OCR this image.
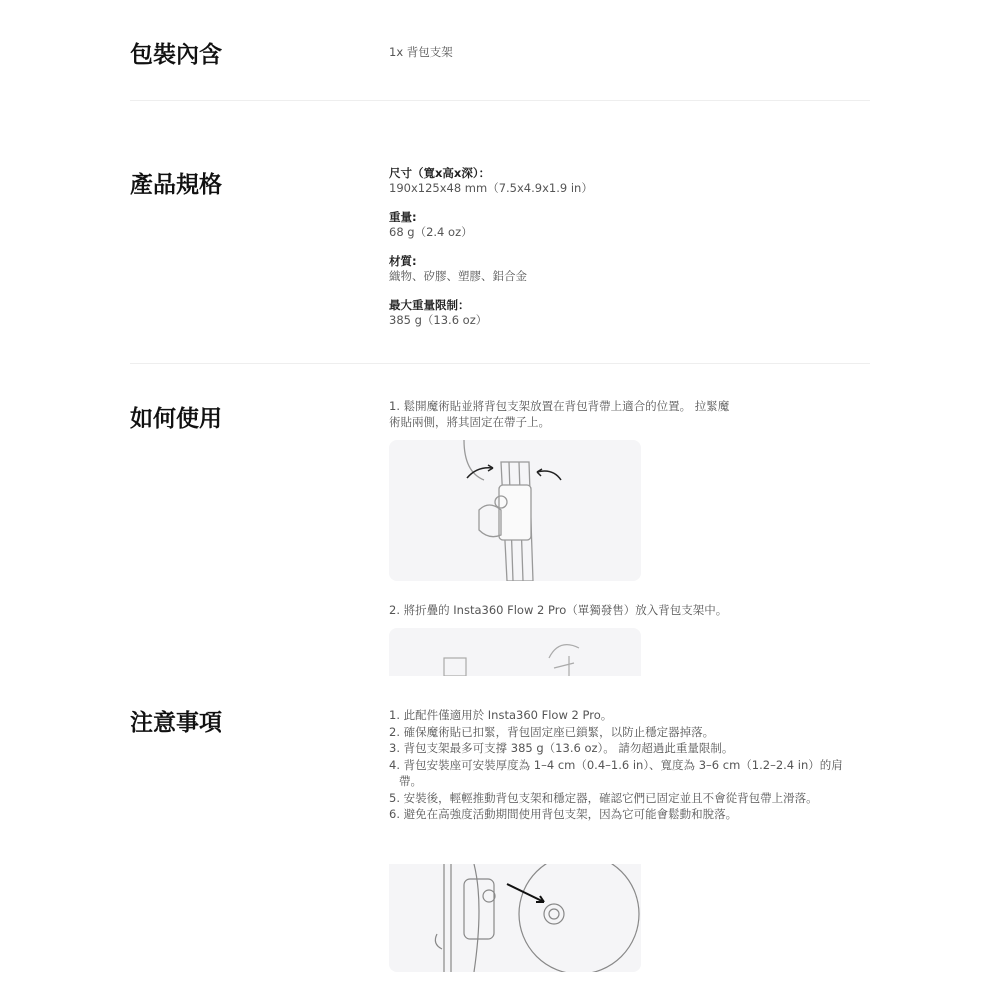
包裝內含	1x 背包支架
產品規格	尺寸（寬x高x深）：
190x125x48 mm（7.5x4.9x1.9 in）
重量:
68 g（2.4 oz）
材質:
織物、矽膠、塑膠、鋁合金
最大重量限制：
385 g（13.6 oz）
如何使用	1. 鬆開魔術貼並將背包支架放置在背包背帶上適合的位置。 拉緊魔術貼兩側，將其固定在帶子上。
2. 將折疊的 Insta360 Flow 2 Pro（單獨發售）放入背包支架中。
注意事項	1. 此配件僅適用於 Insta360 Flow 2 Pro。
2. 確保魔術貼已扣緊，背包固定座已鎖緊，以防止穩定器掉落。
3. 背包支架最多可支撐 385 g（13.6 oz）。 請勿超過此重量限制。
4. 背包安裝座可安裝厚度為 1–4 cm（0.4–1.6 in）、寬度為 3–6 cm（1.2–2.4 in）的肩帶。
5. 安裝後，輕輕推動背包支架和穩定器，確認它們已固定並且不會從背包帶上滑落。
6. 避免在高強度活動期間使用背包支架，因為它可能會鬆動和脫落。
